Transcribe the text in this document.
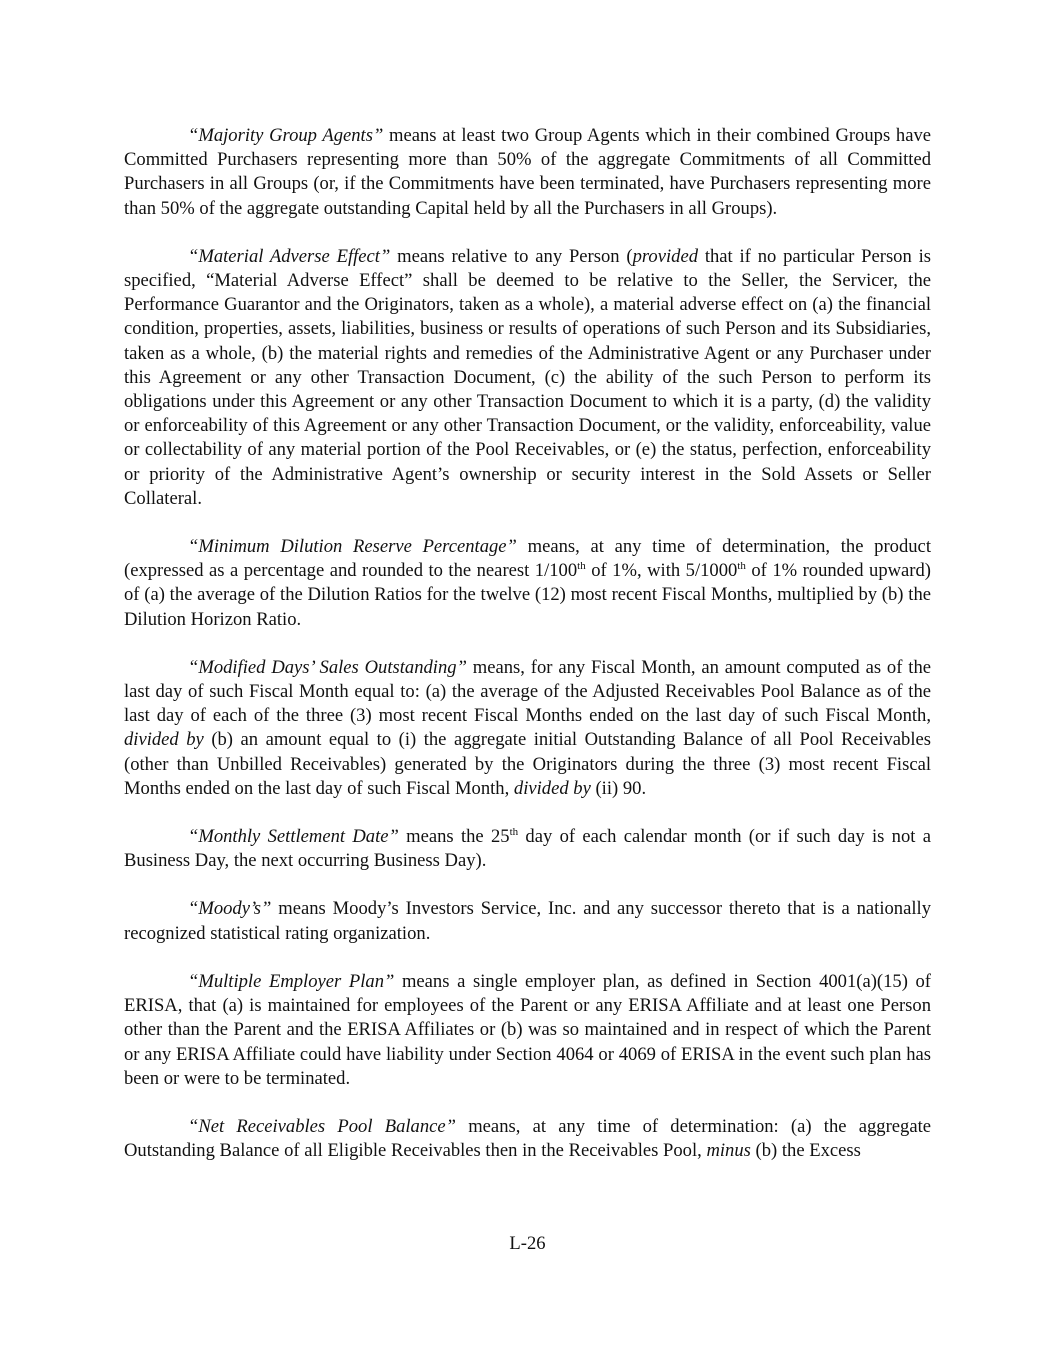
“Majority Group Agents” means at least two Group Agents which in their combined Groups have Committed Purchasers representing more than 50% of the aggregate Commitments of all Committed Purchasers in all Groups (or, if the Commitments have been terminated, have Purchasers representing more than 50% of the aggregate outstanding Capital held by all the Purchasers in all Groups).

“Material Adverse Effect” means relative to any Person (provided that if no particular Person is specified, “Material Adverse Effect” shall be deemed to be relative to the Seller, the Servicer, the Performance Guarantor and the Originators, taken as a whole), a material adverse effect on (a) the financial condition, properties, assets, liabilities, business or results of operations of such Person and its Subsidiaries, taken as a whole, (b) the material rights and remedies of the Administrative Agent or any Purchaser under this Agreement or any other Transaction Document, (c) the ability of the such Person to perform its obligations under this Agreement or any other Transaction Document to which it is a party, (d) the validity or enforceability of this Agreement or any other Transaction Document, or the validity, enforceability, value or collectability of any material portion of the Pool Receivables, or (e) the status, perfection, enforceability or priority of the Administrative Agent’s ownership or security interest in the Sold Assets or Seller Collateral.

“Minimum Dilution Reserve Percentage” means, at any time of determination, the product (expressed as a percentage and rounded to the nearest 1/100th of 1%, with 5/1000th of 1% rounded upward) of (a) the average of the Dilution Ratios for the twelve (12) most recent Fiscal Months, multiplied by (b) the Dilution Horizon Ratio.

“Modified Days’ Sales Outstanding” means, for any Fiscal Month, an amount computed as of the last day of such Fiscal Month equal to: (a) the average of the Adjusted Receivables Pool Balance as of the last day of each of the three (3) most recent Fiscal Months ended on the last day of such Fiscal Month, divided by (b) an amount equal to (i) the aggregate initial Outstanding Balance of all Pool Receivables (other than Unbilled Receivables) generated by the Originators during the three (3) most recent Fiscal Months ended on the last day of such Fiscal Month, divided by (ii) 90.

“Monthly Settlement Date” means the 25th day of each calendar month (or if such day is not a Business Day, the next occurring Business Day).

“Moody’s” means Moody’s Investors Service, Inc. and any successor thereto that is a nationally recognized statistical rating organization.

“Multiple Employer Plan” means a single employer plan, as defined in Section 4001(a)(15) of ERISA, that (a) is maintained for employees of the Parent or any ERISA Affiliate and at least one Person other than the Parent and the ERISA Affiliates or (b) was so maintained and in respect of which the Parent or any ERISA Affiliate could have liability under Section 4064 or 4069 of ERISA in the event such plan has been or were to be terminated.

“Net Receivables Pool Balance” means, at any time of determination: (a) the aggregate Outstanding Balance of all Eligible Receivables then in the Receivables Pool, minus (b) the Excess

L-26
